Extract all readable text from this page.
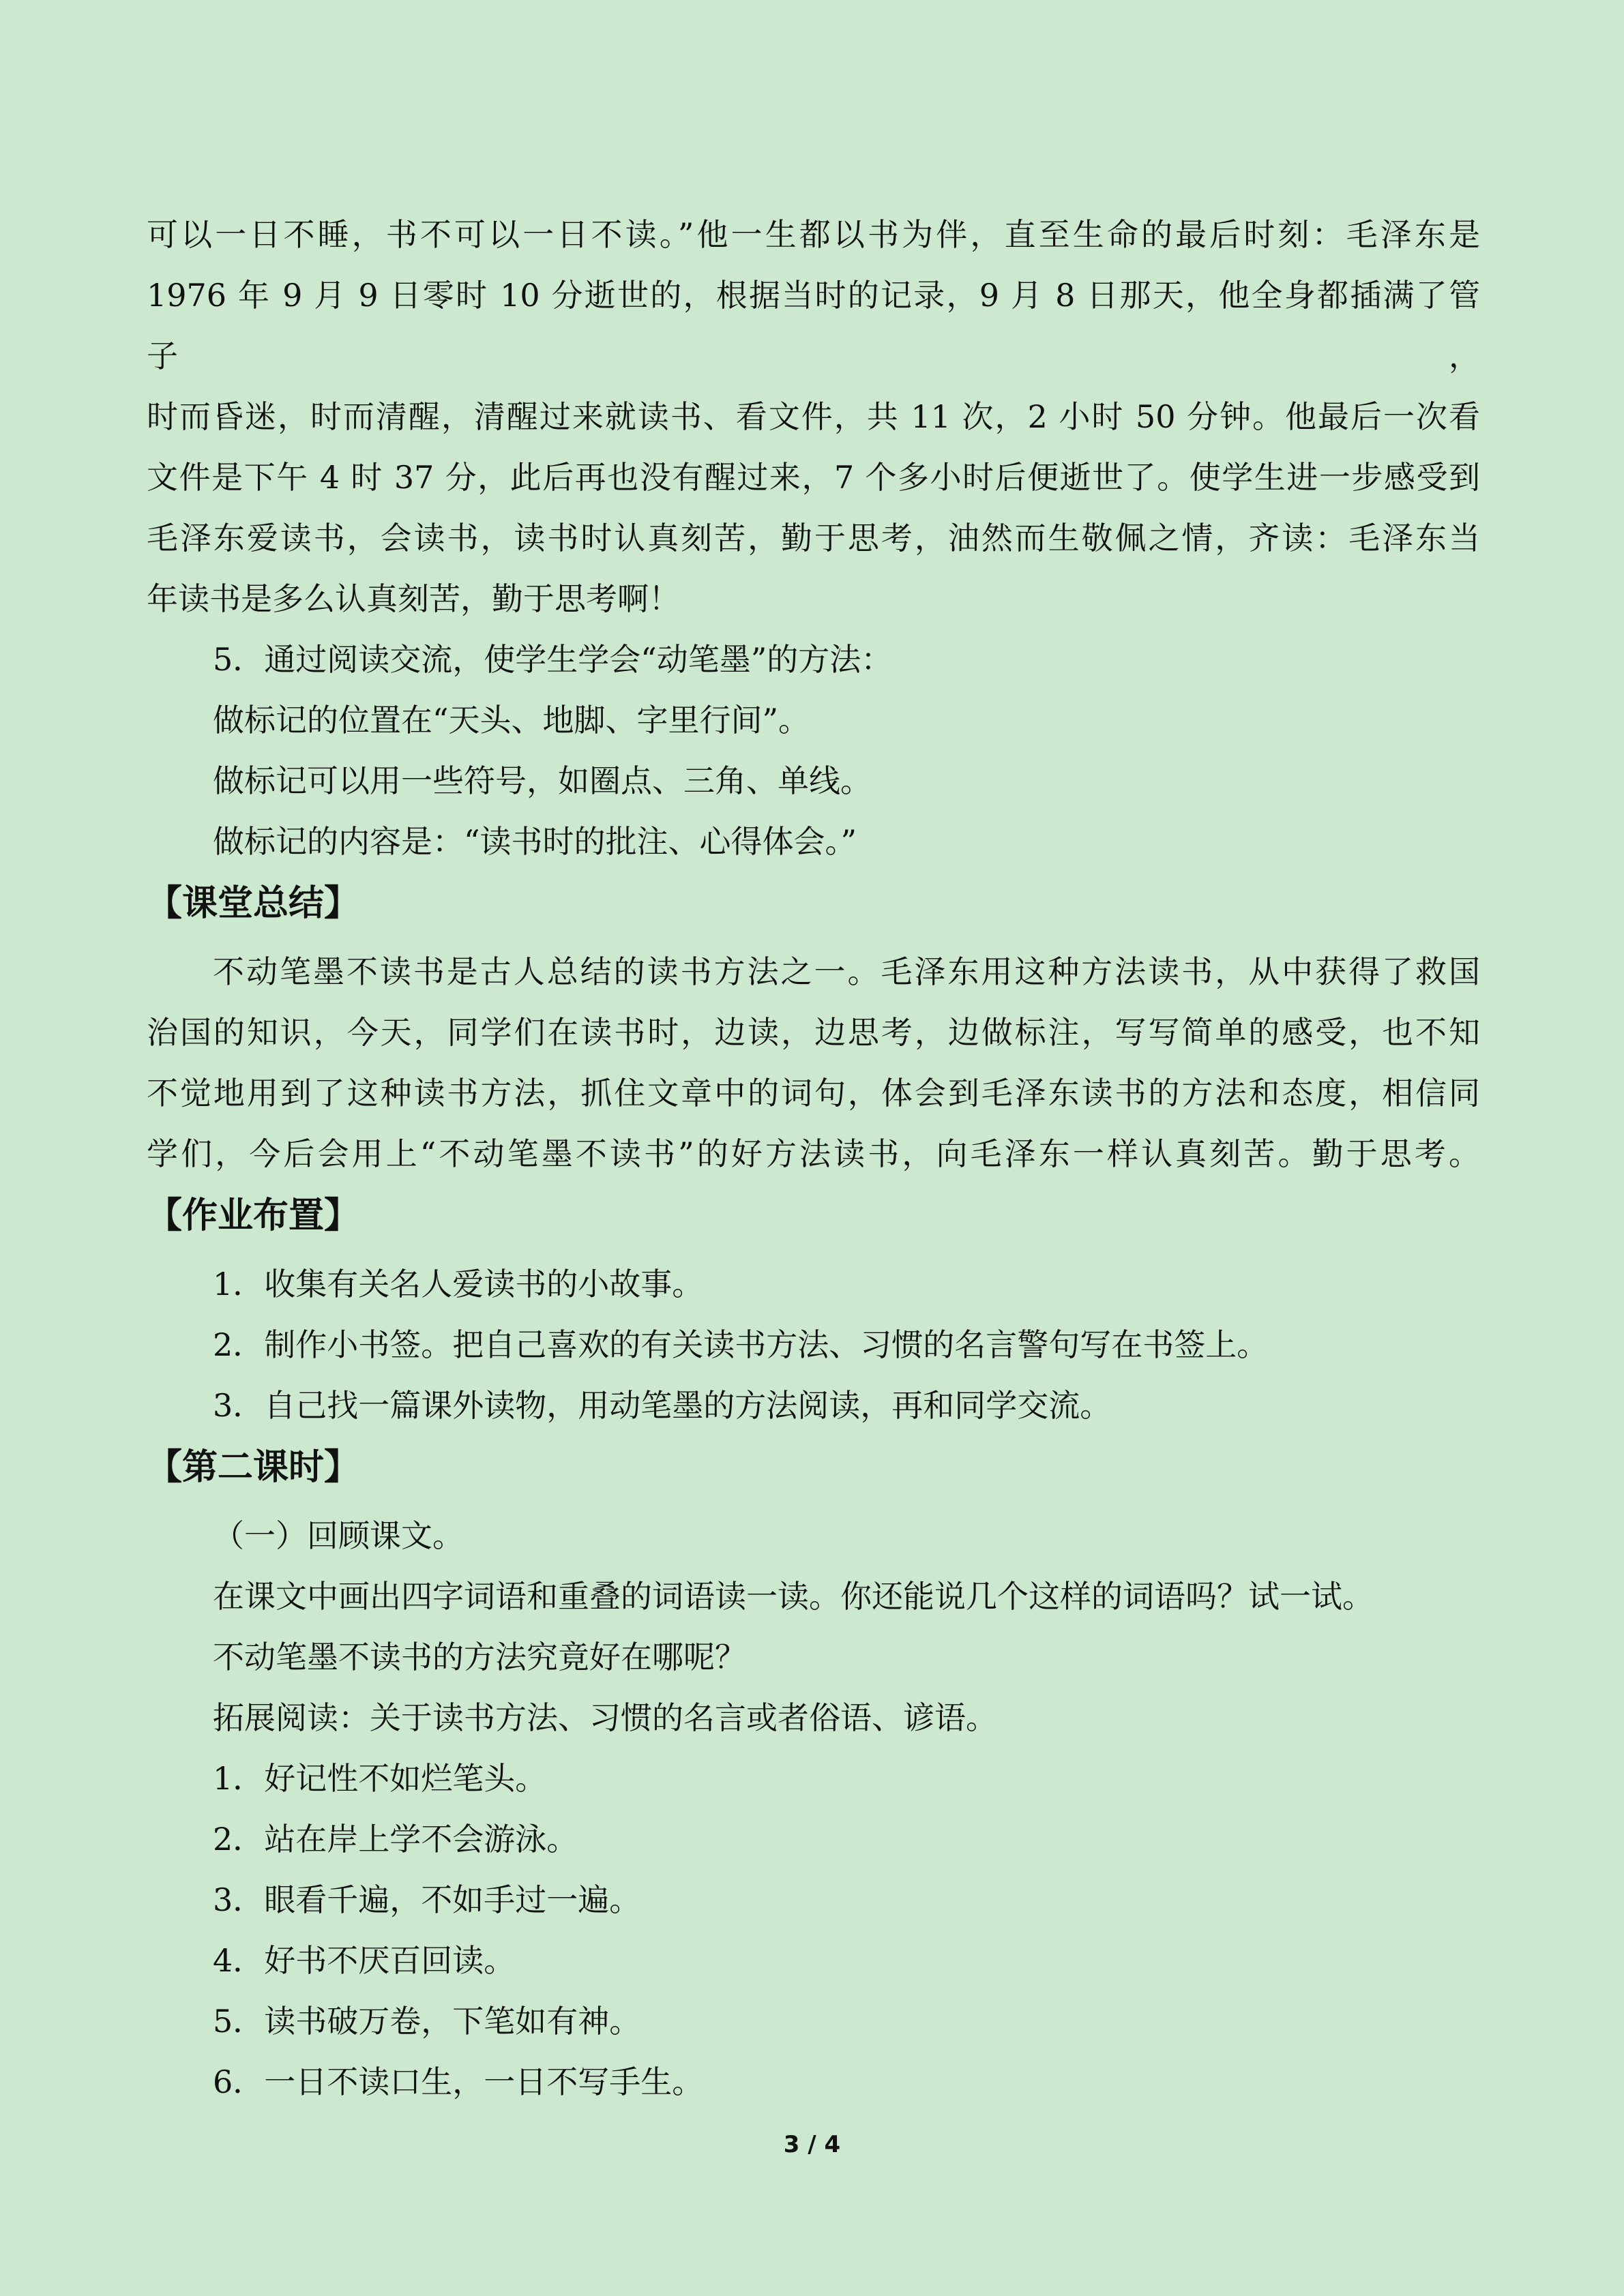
可以一日不睡，书不可以一日不读。”他一生都以书为伴，直至生命的最后时刻：毛泽东是

1976 年 9 月 9 日零时 10 分逝世的，根据当时的记录，9 月 8 日那天，他全身都插满了管子，

时而昏迷，时而清醒，清醒过来就读书、看文件，共 11 次，2 小时 50 分钟。他最后一次看

文件是下午 4 时 37 分，此后再也没有醒过来，7 个多小时后便逝世了。使学生进一步感受到

毛泽东爱读书，会读书，读书时认真刻苦，勤于思考，油然而生敬佩之情，齐读：毛泽东当

年读书是多么认真刻苦，勤于思考啊！

5．通过阅读交流，使学生学会“动笔墨”的方法：

做标记的位置在“天头、地脚、字里行间”。

做标记可以用一些符号，如圈点、三角、单线。

做标记的内容是：“读书时的批注、心得体会。”

【课堂总结】

不动笔墨不读书是古人总结的读书方法之一。毛泽东用这种方法读书，从中获得了救国

治国的知识，今天，同学们在读书时，边读，边思考，边做标注，写写简单的感受，也不知

不觉地用到了这种读书方法，抓住文章中的词句，体会到毛泽东读书的方法和态度，相信同

学们，今后会用上“不动笔墨不读书”的好方法读书，向毛泽东一样认真刻苦。勤于思考。

【作业布置】

1．收集有关名人爱读书的小故事。

2．制作小书签。把自己喜欢的有关读书方法、习惯的名言警句写在书签上。

3．自己找一篇课外读物，用动笔墨的方法阅读，再和同学交流。

【第二课时】

（一）回顾课文。

在课文中画出四字词语和重叠的词语读一读。你还能说几个这样的词语吗？试一试。

不动笔墨不读书的方法究竟好在哪呢？

拓展阅读：关于读书方法、习惯的名言或者俗语、谚语。

1．好记性不如烂笔头。

2．站在岸上学不会游泳。

3．眼看千遍，不如手过一遍。

4．好书不厌百回读。

5．读书破万卷，下笔如有神。

6．一日不读口生，一日不写手生。

3 / 4
